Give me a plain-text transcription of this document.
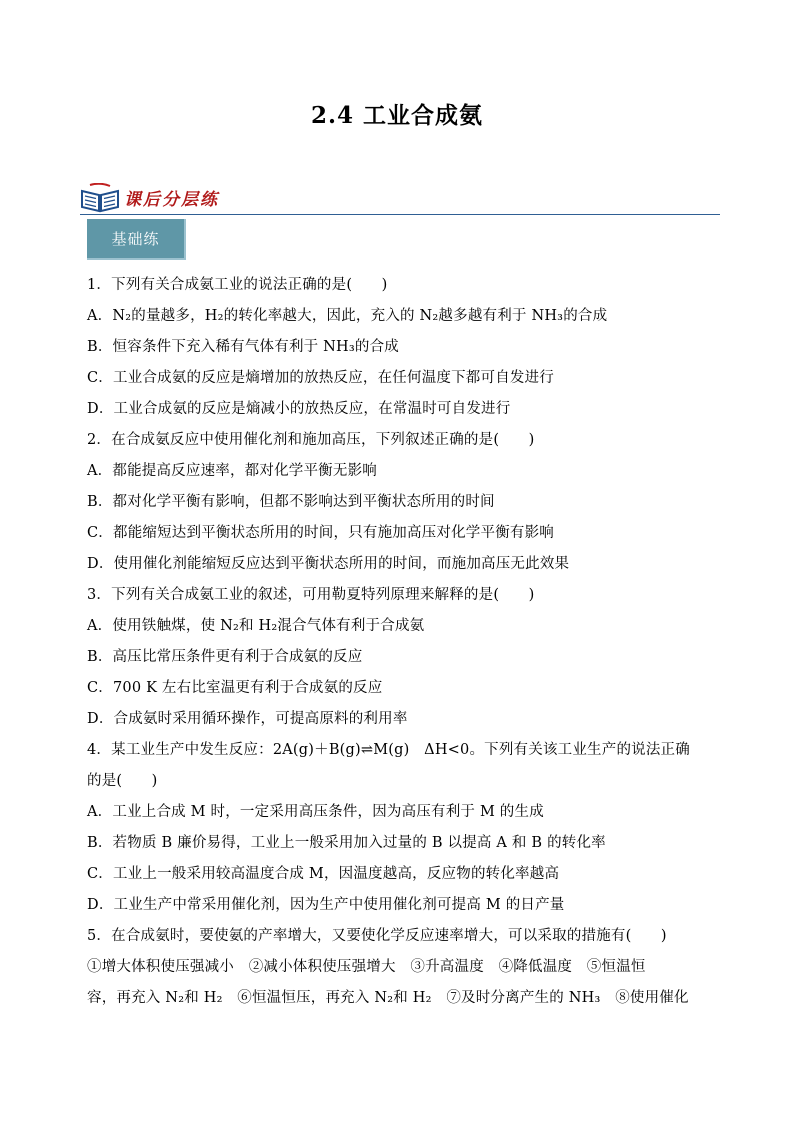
2.4 工业合成氨
课后分层练
基础练
1．下列有关合成氨工业的说法正确的是(　　)
A．N₂的量越多，H₂的转化率越大，因此，充入的 N₂越多越有利于 NH₃的合成
B．恒容条件下充入稀有气体有利于 NH₃的合成
C．工业合成氨的反应是熵增加的放热反应，在任何温度下都可自发进行
D．工业合成氨的反应是熵减小的放热反应，在常温时可自发进行
2．在合成氨反应中使用催化剂和施加高压，下列叙述正确的是(　　)
A．都能提高反应速率，都对化学平衡无影响
B．都对化学平衡有影响，但都不影响达到平衡状态所用的时间
C．都能缩短达到平衡状态所用的时间，只有施加高压对化学平衡有影响
D．使用催化剂能缩短反应达到平衡状态所用的时间，而施加高压无此效果
3．下列有关合成氨工业的叙述，可用勒夏特列原理来解释的是(　　)
A．使用铁触煤，使 N₂和 H₂混合气体有利于合成氨
B．高压比常压条件更有利于合成氨的反应
C．700 K 左右比室温更有利于合成氨的反应
D．合成氨时采用循环操作，可提高原料的利用率
4．某工业生产中发生反应：2A(g)＋B(g)⇌M(g)　ΔH<0。下列有关该工业生产的说法正确
的是(　　)
A．工业上合成 M 时，一定采用高压条件，因为高压有利于 M 的生成
B．若物质 B 廉价易得，工业上一般采用加入过量的 B 以提高 A 和 B 的转化率
C．工业上一般采用较高温度合成 M，因温度越高，反应物的转化率越高
D．工业生产中常采用催化剂，因为生产中使用催化剂可提高 M 的日产量
5．在合成氨时，要使氨的产率增大，又要使化学反应速率增大，可以采取的措施有(　　)
①增大体积使压强减小　②减小体积使压强增大　③升高温度　④降低温度　⑤恒温恒
容，再充入 N₂和 H₂　⑥恒温恒压，再充入 N₂和 H₂　⑦及时分离产生的 NH₃　⑧使用催化
